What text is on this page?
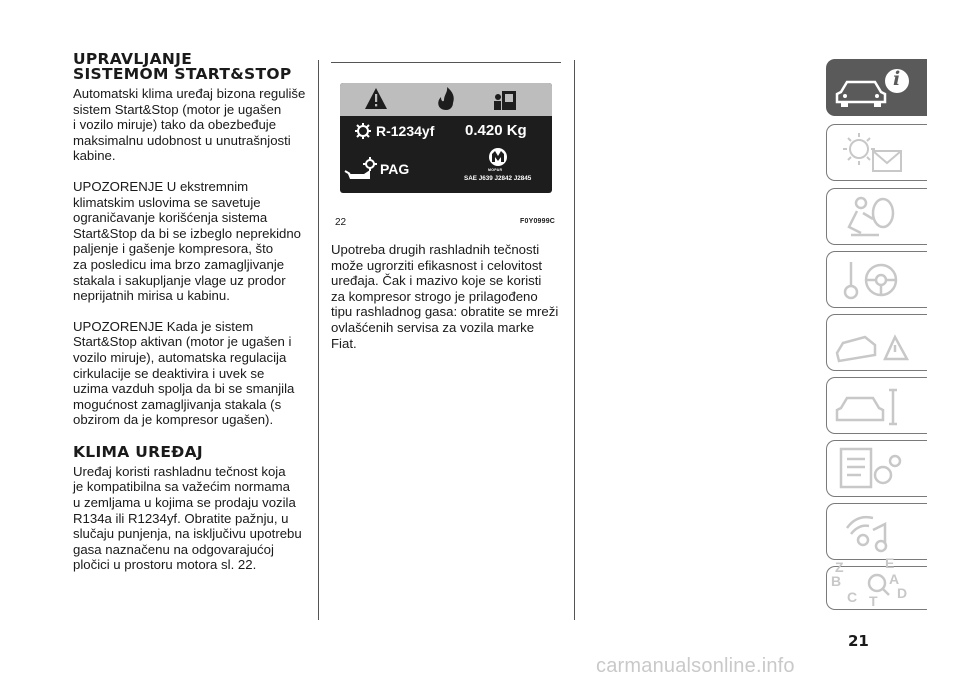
UPRAVLJANJE
SISTEMOM START&STOP
Automatski klima uređaj bizona reguliše
sistem Start&Stop (motor je ugašen
i vozilo miruje) tako da obezbeđuje
maksimalnu udobnost u unutrašnjosti
kabine.
UPOZORENJE U ekstremnim
klimatskim uslovima se savetuje
ograničavanje korišćenja sistema
Start&Stop da bi se izbeglo neprekidno
paljenje i gašenje kompresora, što
za posledicu ima brzo zamagljivanje
stakala i sakupljanje vlage uz prodor
neprijatnih mirisa u kabinu.
UPOZORENJE Kada je sistem
Start&Stop aktivan (motor je ugašen i
vozilo miruje), automatska regulacija
cirkulacije se deaktivira i uvek se
uzima vazduh spolja da bi se smanjila
mogućnost zamagljivanja stakala (s
obzirom da je kompresor ugašen).
KLIMA UREĐAJ
Uređaj koristi rashladnu tečnost koja
je kompatibilna sa važećim normama
u zemljama u kojima se prodaju vozila
R134a ili R1234yf. Obratite pažnju, u
slučaju punjenja, na isključivu upotrebu
gasa naznačenu na odgovarajućoj
pločici u prostoru motora sl. 22.
R-1234yf 0.420 Kg
PAG	MOPAR
SAE J639 J2842 J2845
22	F0Y0999C
Upotreba drugih rashladnih tečnosti
može ugrorziti efikasnost i celovitost
uređaja. Čak i mazivo koje se koristi
za kompresor strogo je prilagođeno
tipu rashladnog gasa: obratite se mreži
ovlašćenih servisa za vozila marke Fiat.
i
Z	E
B	A
C T D
21
carmanualsonline.info
